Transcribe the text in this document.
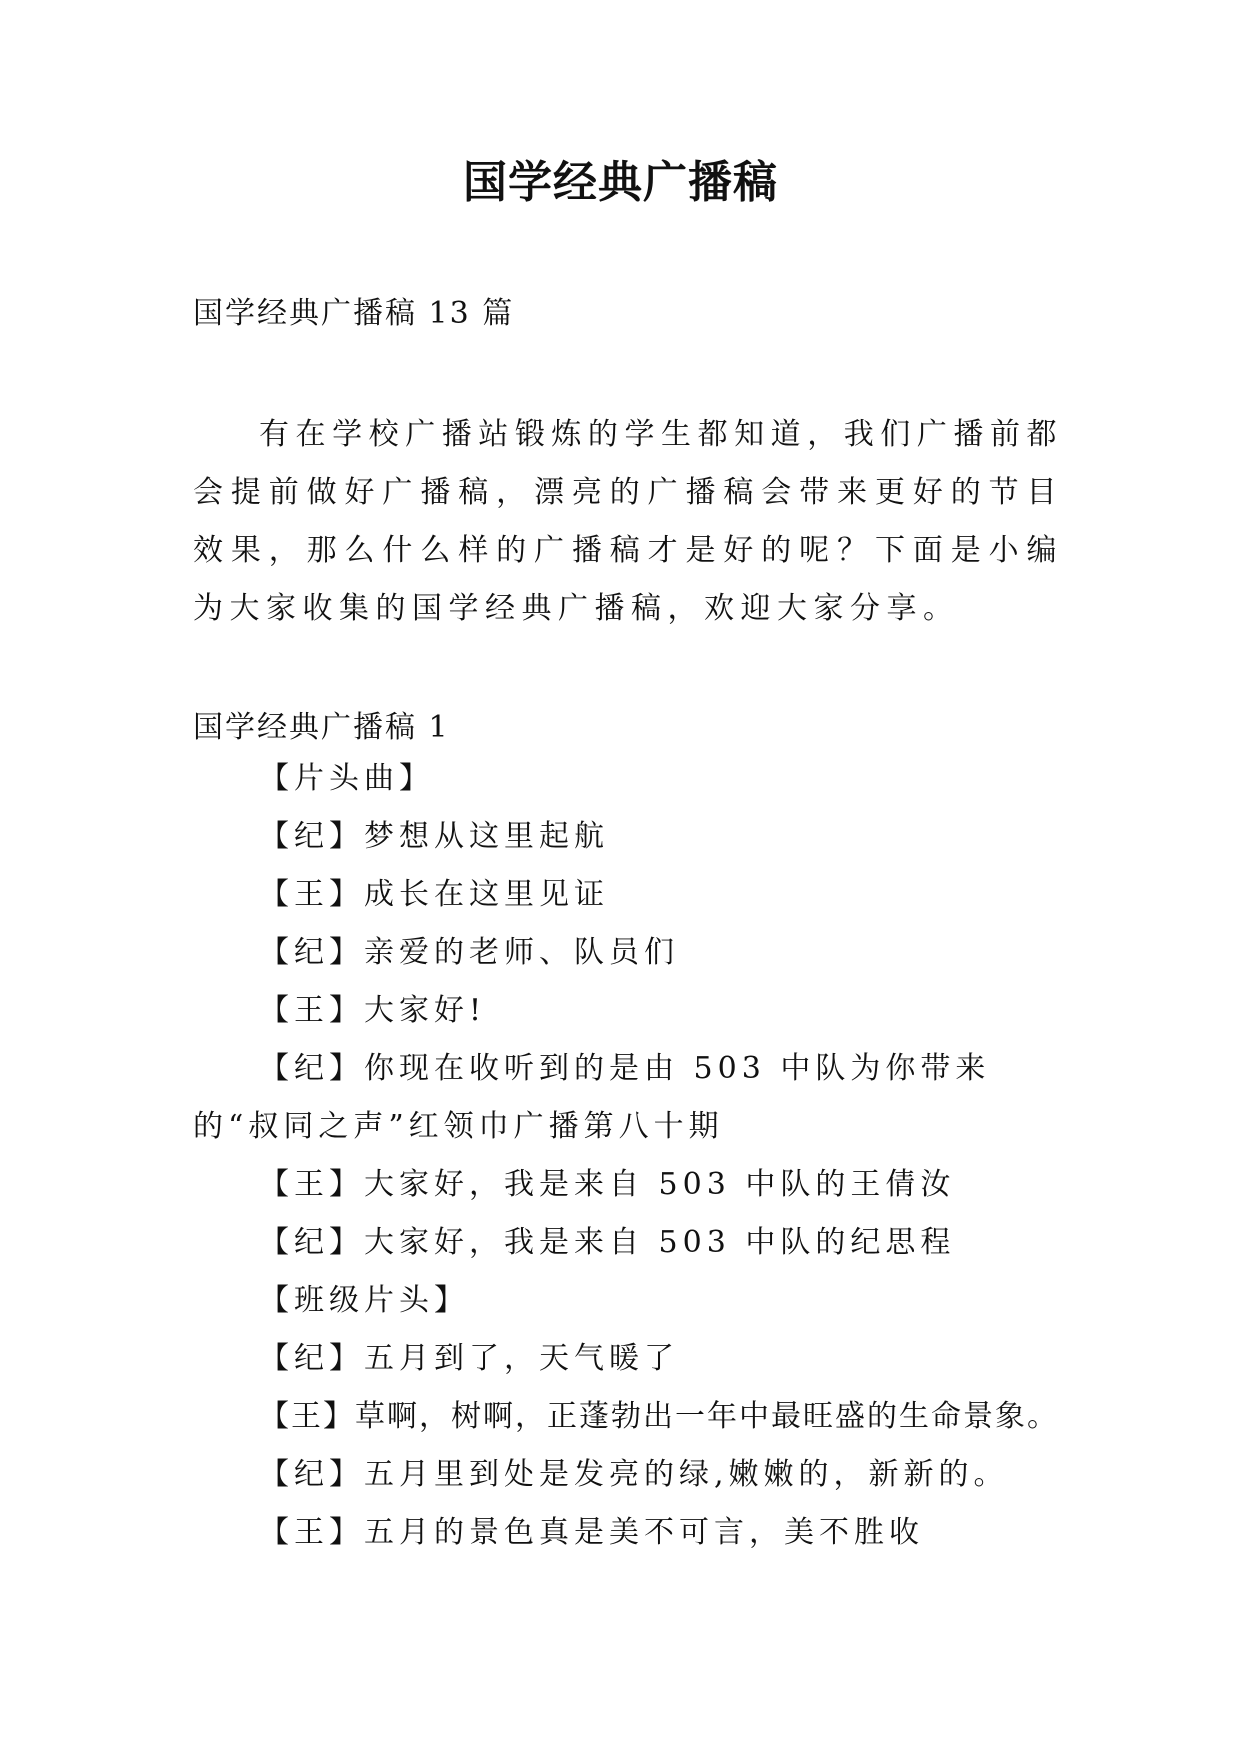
国学经典广播稿
国学经典广播稿 13 篇

有在学校广播站锻炼的学生都知道，我们广播前都会提前做好广播稿，漂亮的广播稿会带来更好的节目效果，那么什么样的广播稿才是好的呢？下面是小编为大家收集的国学经典广播稿，欢迎大家分享。

国学经典广播稿 1
【片头曲】
【纪】梦想从这里起航
【王】成长在这里见证
【纪】亲爱的老师、队员们
【王】大家好!
【纪】你现在收听到的是由 503 中队为你带来的“叔同之声”红领巾广播第八十期
【王】大家好，我是来自 503 中队的王倩汝
【纪】大家好，我是来自 503 中队的纪思程
【班级片头】
【纪】五月到了，天气暖了
【王】草啊，树啊，正蓬勃出一年中最旺盛的生命景象。
【纪】五月里到处是发亮的绿,嫩嫩的，新新的。
【王】五月的景色真是美不可言，美不胜收
